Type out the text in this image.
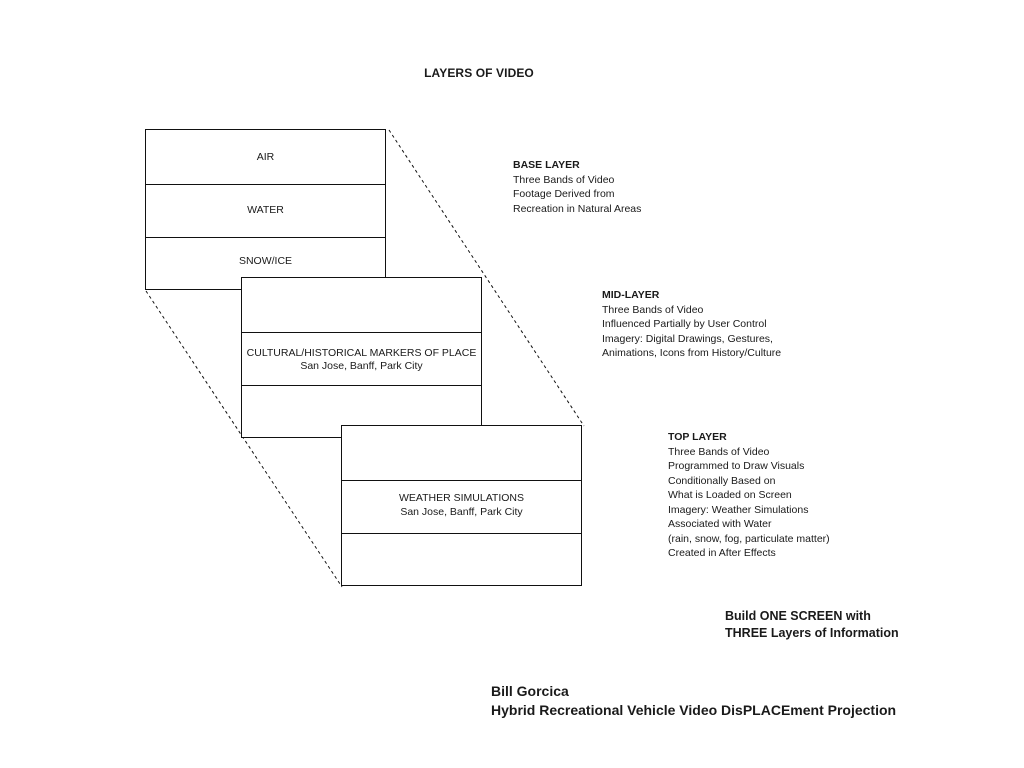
LAYERS OF VIDEO
AIR
WATER
SNOW/ICE
CULTURAL/HISTORICAL MARKERS OF PLACE
San Jose, Banff, Park City
WEATHER SIMULATIONS
San Jose, Banff, Park City
BASE LAYER
Three Bands of Video
Footage Derived from
Recreation in Natural Areas
MID-LAYER
Three Bands of Video
Influenced Partially by User Control
Imagery: Digital Drawings, Gestures,
Animations, Icons from History/Culture
TOP LAYER
Three Bands of Video
Programmed to Draw Visuals
Conditionally Based on
What is Loaded on Screen
Imagery: Weather Simulations
Associated with Water
(rain, snow, fog, particulate matter)
Created in After Effects
Build ONE SCREEN with
THREE Layers of Information
Bill Gorcica
Hybrid Recreational Vehicle Video DisPLACEment Projection
